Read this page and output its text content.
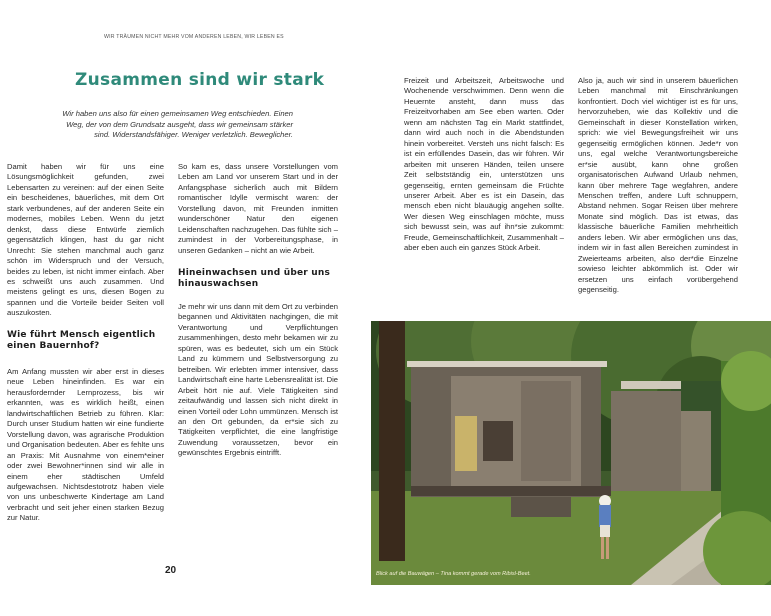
WIR TRÄUMEN NICHT MEHR VOM ANDEREN LEBEN, WIR LEBEN ES
Zusammen sind wir stark
Wir haben uns also für einen gemeinsamen Weg entschieden. Einen Weg, der von dem Grundsatz ausgeht, dass wir gemeinsam stärker sind. Widerstandsfähiger. Weniger verletzlich. Beweglicher.
Damit haben wir für uns eine Lösungsmöglichkeit gefunden, zwei Lebensarten zu vereinen: auf der einen Seite ein bescheidenes, bäuerliches, mit dem Ort stark verbundenes, auf der anderen Seite ein modernes, mobiles Leben. Wenn du jetzt denkst, dass diese Entwürfe ziemlich gegensätzlich klingen, hast du gar nicht Unrecht: Sie stehen manchmal auch ganz schön im Widerspruch und der Versuch, beides zu leben, ist nicht immer einfach. Aber es schweißt uns auch zusammen. Und meistens gelingt es uns, diesen Bogen zu spannen und die Vorteile beider Seiten voll auszukosten.
Wie führt Mensch eigentlich einen Bauernhof?
Am Anfang mussten wir aber erst in dieses neue Leben hineinfinden. Es war ein herausfordernder Lernprozess, bis wir erkannten, was es wirklich heißt, einen landwirtschaftlichen Betrieb zu führen. Klar: Durch unser Studium hatten wir eine fundierte Vorstellung davon, was agrarische Produktion und Organisation bedeuten. Aber es fehlte uns an Praxis: Mit Ausnahme von einem*einer oder zwei Bewohner*innen sind wir alle in einem eher städtischen Umfeld aufgewachsen. Nichtsdestotrotz haben viele von uns unbeschwerte Kindertage am Land verbracht und seit jeher einen starken Bezug zur Natur.
So kam es, dass unsere Vorstellungen vom Leben am Land vor unserem Start und in der Anfangsphase sicherlich auch mit Bildern romantischer Idylle vermischt waren: der Vorstellung davon, mit Freunden inmitten wunderschöner Natur den eigenen Leidenschaften nachzugehen. Das fühlte sich – zumindest in der Vorbereitungsphase, in unseren Gedanken – nicht an wie Arbeit.
Hineinwachsen und über uns hinauswachsen
Je mehr wir uns dann mit dem Ort zu verbinden begannen und Aktivitäten nachgingen, die mit Verantwortung und Verpflichtungen zusammenhingen, desto mehr bekamen wir zu spüren, was es bedeutet, sich um ein Stück Land zu kümmern und Selbstversorgung zu betreiben. Wir erlebten immer intensiver, dass Landwirtschaft eine harte Lebensrealität ist. Die Arbeit hört nie auf. Viele Tätigkeiten sind zeitaufwändig und lassen sich nicht direkt in einen Vorteil oder Lohn ummünzen. Mensch ist an den Ort gebunden, da er*sie sich zu Tätigkeiten verpflichtet, die eine langfristige Zuwendung voraussetzen, bevor ein gewünschtes Ergebnis eintrifft.
Freizeit und Arbeitszeit, Arbeitswoche und Wochenende verschwimmen. Denn wenn die Heuernte ansteht, dann muss das Freizeitvorhaben am See eben warten. Oder wenn am nächsten Tag ein Markt stattfindet, dann wird auch noch in die Abendstunden hinein vorbereitet. Versteh uns nicht falsch: Es ist ein erfüllendes Dasein, das wir führen. Wir arbeiten mit unseren Händen, teilen unsere Zeit selbstständig ein, unterstützen uns gegenseitig, ernten gemeinsam die Früchte unserer Arbeit. Aber es ist ein Dasein, das mensch eben nicht blauäugig angehen sollte. Wer diesen Weg einschlagen möchte, muss sich bewusst sein, was auf ihn*sie zukommt: Freude, Gemeinschaftlichkeit, Zusammenhalt – aber eben auch ein ganzes Stück Arbeit.
Also ja, auch wir sind in unserem bäuerlichen Leben manchmal mit Einschränkungen konfrontiert. Doch viel wichtiger ist es für uns, hervorzuheben, wie das Kollektiv und die Gemeinschaft in dieser Konstellation wirken, sprich: wie viel Bewegungsfreiheit wir uns gegenseitig ermöglichen können. Jede*r von uns, egal welche Verantwortungsbereiche er*sie ausübt, kann ohne großen organisatorischen Aufwand Urlaub nehmen, kann über mehrere Tage wegfahren, andere Menschen treffen, andere Luft schnuppern, Abstand nehmen. Sogar Reisen über mehrere Monate sind möglich. Das ist etwas, das klassische bäuerliche Familien mehrheitlich anders leben. Wir aber ermöglichen uns das, indem wir in fast allen Bereichen zumindest in Zweierteams arbeiten, also der*die Einzelne sowieso leichter abkömmlich ist. Oder wir ersetzen uns einfach vorübergehend gegenseitig.
20	Blick auf die Bauwägen – Tina kommt gerade vom Ribisl-Beet.
